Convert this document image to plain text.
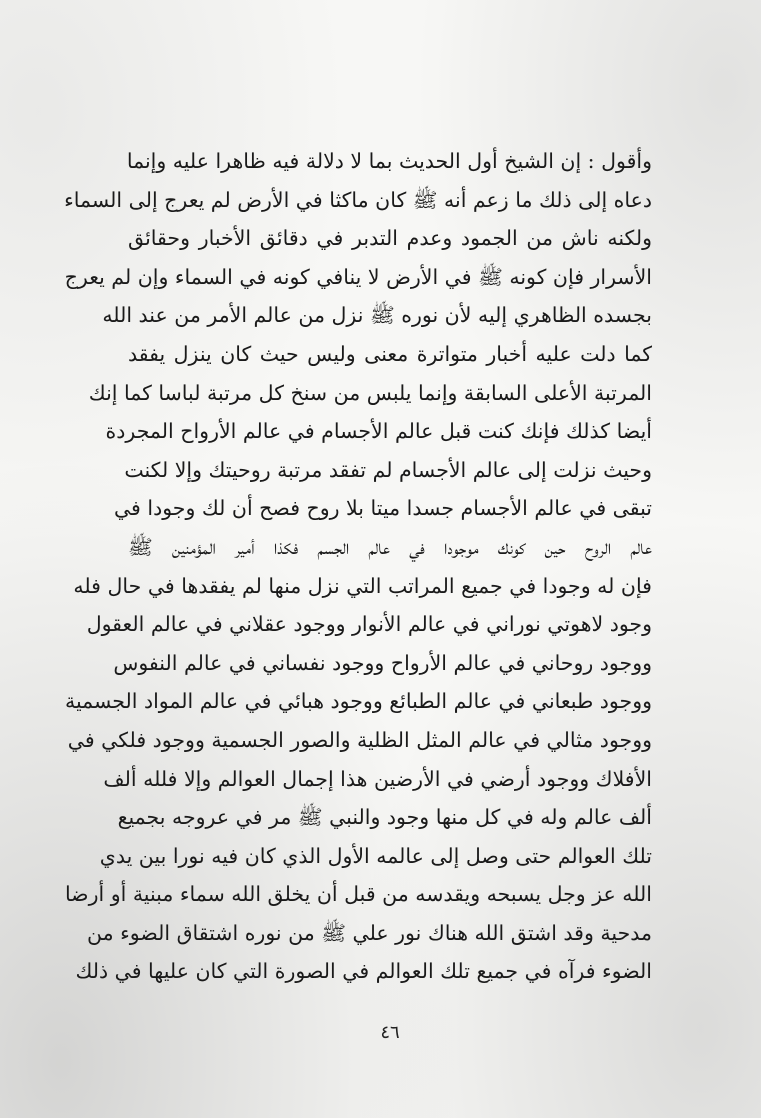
وأقول : إن الشيخ أول الحديث بما لا دلالة فيه ظاهرا عليه وإنما
دعاه إلى ذلك ما زعم أنه ﷺ كان ماكثا في الأرض لم يعرج إلى السماء
ولكنه ناش من الجمود وعدم التدبر في دقائق الأخبار وحقائق
الأسرار فإن كونه ﷺ في الأرض لا ينافي كونه في السماء وإن لم يعرج
بجسده الظاهري إليه لأن نوره ﷺ نزل من عالم الأمر من عند الله
كما دلت عليه أخبار متواترة معنى وليس حيث كان ينزل يفقد
المرتبة الأعلى السابقة وإنما يلبس من سنخ كل مرتبة لباسا كما إنك
أيضا كذلك فإنك كنت قبل عالم الأجسام في عالم الأرواح المجردة
وحيث نزلت إلى عالم الأجسام لم تفقد مرتبة روحيتك وإلا لكنت
تبقى في عالم الأجسام جسدا ميتا بلا روح فصح أن لك وجودا في
عالم الروح حين كونك موجودا في عالم الجسم فكذا أمير المؤمنين ﷺ
فإن له وجودا في جميع المراتب التي نزل منها لم يفقدها في حال فله
وجود لاهوتي نوراني في عالم الأنوار ووجود عقلاني في عالم العقول
ووجود روحاني في عالم الأرواح ووجود نفساني في عالم النفوس
ووجود طبعاني في عالم الطبائع ووجود هبائي في عالم المواد الجسمية
ووجود مثالي في عالم المثل الظلية والصور الجسمية ووجود فلكي في
الأفلاك ووجود أرضي في الأرضين هذا إجمال العوالم وإلا فلله ألف
ألف عالم وله في كل منها وجود والنبي ﷺ مر في عروجه بجميع
تلك العوالم حتى وصل إلى عالمه الأول الذي كان فيه نورا بين يدي
الله عز وجل يسبحه ويقدسه من قبل أن يخلق الله سماء مبنية أو أرضا
مدحية وقد اشتق الله هناك نور علي ﷺ من نوره اشتقاق الضوء من
الضوء فرآه في جميع تلك العوالم في الصورة التي كان عليها في ذلك
٤٦
